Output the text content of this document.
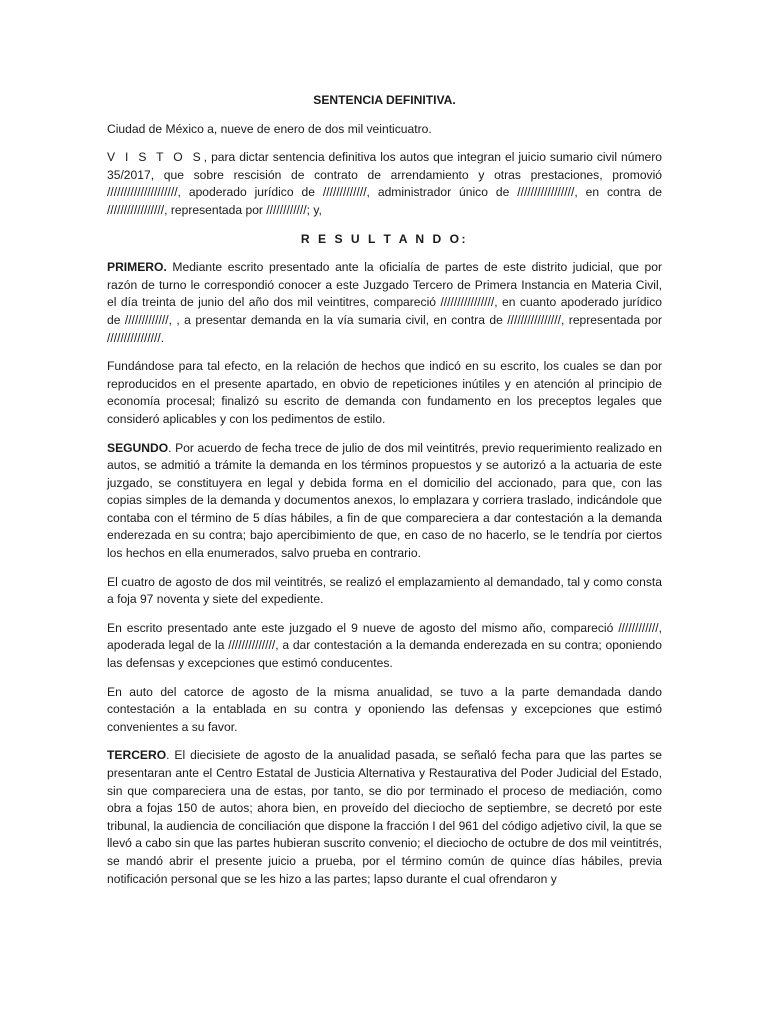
SENTENCIA DEFINITIVA.
Ciudad de México a, nueve de enero de dos mil veinticuatro.

V I S T O S, para dictar sentencia definitiva los autos que integran el juicio sumario civil número 35/2017, que sobre rescisión de contrato de arrendamiento y otras prestaciones, promovió /////////////////////, apoderado jurídico de /////////////, administrador único de /////////////////, en contra de /////////////////, representada por ////////////; y,

R E S U L T A N D O:

PRIMERO. Mediante escrito presentado ante la oficialía de partes de este distrito judicial, que por razón de turno le correspondió conocer a este Juzgado Tercero de Primera Instancia en Materia Civil, el día treinta de junio del año dos mil veintitres, compareció ////////////////, en cuanto apoderado jurídico de /////////////, , a presentar demanda en la vía sumaria civil, en contra de ////////////////, representada por ////////////////.

Fundándose para tal efecto, en la relación de hechos que indicó en su escrito, los cuales se dan por reproducidos en el presente apartado, en obvio de repeticiones inútiles y en atención al principio de economía procesal; finalizó su escrito de demanda con fundamento en los preceptos legales que consideró aplicables y con los pedimentos de estilo.

SEGUNDO. Por acuerdo de fecha trece de julio de dos mil veintitrés, previo requerimiento realizado en autos, se admitió a trámite la demanda en los términos propuestos y se autorizó a la actuaria de este juzgado, se constituyera en legal y debida forma en el domicilio del accionado, para que, con las copias simples de la demanda y documentos anexos, lo emplazara y corriera traslado, indicándole que contaba con el término de 5 días hábiles, a fin de que compareciera a dar contestación a la demanda enderezada en su contra; bajo apercibimiento de que, en caso de no hacerlo, se le tendría por ciertos los hechos en ella enumerados, salvo prueba en contrario.

El cuatro de agosto de dos mil veintitrés, se realizó el emplazamiento al demandado, tal y como consta a foja 97 noventa y siete del expediente.

En escrito presentado ante este juzgado el 9 nueve de agosto del mismo año, compareció ////////////, apoderada legal de la //////////////, a dar contestación a la demanda enderezada en su contra; oponiendo las defensas y excepciones que estimó conducentes.

En auto del catorce de agosto de la misma anualidad, se tuvo a la parte demandada dando contestación a la entablada en su contra y oponiendo las defensas y excepciones que estimó convenientes a su favor.

TERCERO. El diecisiete de agosto de la anualidad pasada, se señaló fecha para que las partes se presentaran ante el Centro Estatal de Justicia Alternativa y Restaurativa del Poder Judicial del Estado, sin que compareciera una de estas, por tanto, se dio por terminado el proceso de mediación, como obra a fojas 150 de autos; ahora bien, en proveído del dieciocho de septiembre, se decretó por este tribunal, la audiencia de conciliación que dispone la fracción I del 961 del código adjetivo civil, la que se llevó a cabo sin que las partes hubieran suscrito convenio; el dieciocho de octubre de dos mil veintitrés, se mandó abrir el presente juicio a prueba, por el término común de quince días hábiles, previa notificación personal que se les hizo a las partes; lapso durante el cual ofrendaron y
